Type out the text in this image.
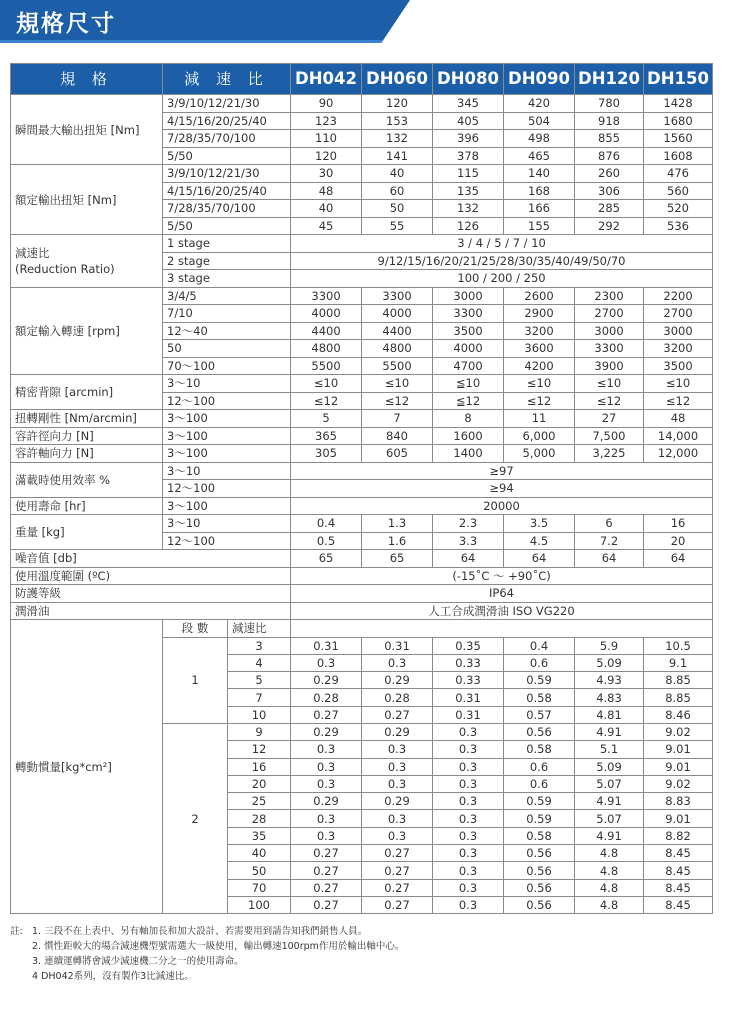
規格尺寸
規 格	減 速 比		DH042	DH060	DH080	DH090	DH120	DH150
瞬間最大輸出扭矩 [Nm]	3/9/10/12/21/30		90	120	345	420	780	1428
	4/15/16/20/25/40		123	153	405	504	918	1680
	7/28/35/70/100		110	132	396	498	855	1560
	5/50		120	141	378	465	876	1608
額定輸出扭矩 [Nm]	3/9/10/12/21/30		30	40	115	140	260	476
	4/15/16/20/25/40		48	60	135	168	306	560
	7/28/35/70/100		40	50	132	166	285	520
	5/50		45	55	126	155	292	536

減速比
(Reduction Ratio)	1 stage		3 / 4 / 5 / 7 / 10					
	2 stage		9/12/15/16/20/21/25/28/30/35/40/49/50/70					
	3 stage		100 / 200 / 250					
額定輸入轉速 [rpm]	3/4/5		3300	3300	3000	2600	2300	2200
	7/10		4000	4000	3300	2900	2700	2700
	12～40		4400	4400	3500	3200	3000	3000
	50		4800	4800	4000	3600	3300	3200
	70～100		5500	5500	4700	4200	3900	3500
精密背隙 [arcmin]	3～10		≤10	≤10	≦10	≤10	≤10	≤10
	12～100		≤12	≤12	≦12	≤12	≤12	≤12
扭轉剛性 [Nm/arcmin]	3～100		5	7	8	11	27	48
容許徑向力 [N]	3～100		365	840	1600	6,000	7,500	14,000
容許軸向力 [N]	3～100		305	605	1400	5,000	3,225	12,000
滿載時使用效率 %	3～10		≥97					
	12～100		≥94					
使用壽命 [hr]	3～100		20000					
重量 [kg]	3～10		0.4	1.3	2.3	3.5	6	16
	12～100		0.5	1.6	3.3	4.5	7.2	20
噪音值 [db]			65	65	64	64	64	64
使用溫度範圍 (ºC)			(-15˚C ～ +90˚C)					
防護等級			IP64					
潤滑油			人工合成潤滑油 ISO VG220					
轉動慣量[kg*cm²]	段 數	減速比						
	1	3	0.31	0.31	0.35	0.4	5.9	10.5
		4	0.3	0.3	0.33	0.6	5.09	9.1
		5	0.29	0.29	0.33	0.59	4.93	8.85
		7	0.28	0.28	0.31	0.58	4.83	8.85
		10	0.27	0.27	0.31	0.57	4.81	8.46
	2	9	0.29	0.29	0.3	0.56	4.91	9.02
		12	0.3	0.3	0.3	0.58	5.1	9.01
		16	0.3	0.3	0.3	0.6	5.09	9.01
		20	0.3	0.3	0.3	0.6	5.07	9.02
		25	0.29	0.29	0.3	0.59	4.91	8.83
		28	0.3	0.3	0.3	0.59	5.07	9.01
		35	0.3	0.3	0.3	0.58	4.91	8.82
		40	0.27	0.27	0.3	0.56	4.8	8.45
		50	0.27	0.27	0.3	0.56	4.8	8.45
		70	0.27	0.27	0.3	0.56	4.8	8.45
		100	0.27	0.27	0.3	0.56	4.8	8.45
註: 1. 三段不在上表中、另有軸加長和加大設計、若需要用到請告知我們銷售人員。
2. 慣性距較大的場合減速機型號需選大一級使用，輸出轉速100rpm作用於輸出軸中心。
3. 連續運轉將會減少減速機二分之一的使用壽命。
4 DH042系列，沒有製作3比減速比。
